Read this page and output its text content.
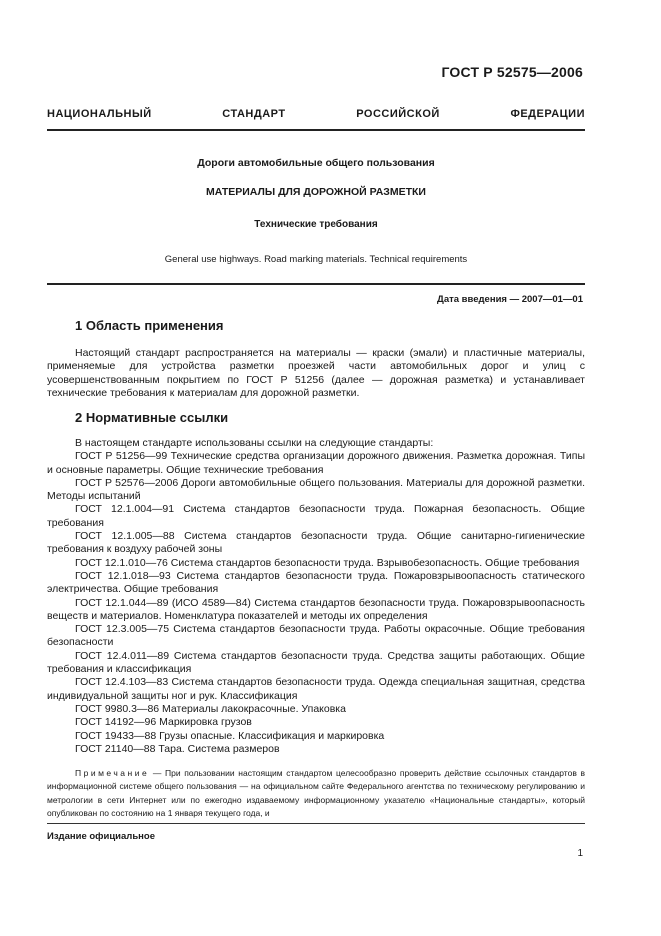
ГОСТ Р 52575—2006
НАЦИОНАЛЬНЫЙ	СТАНДАРТ	РОССИЙСКОЙ	ФЕДЕРАЦИИ
Дороги автомобильные общего пользования
МАТЕРИАЛЫ ДЛЯ ДОРОЖНОЙ РАЗМЕТКИ
Технические требования
General use highways. Road marking materials. Technical requirements
Дата введения — 2007—01—01
1 Область применения
Настоящий стандарт распространяется на материалы — краски (эмали) и пластичные материалы, применяемые для устройства разметки проезжей части автомобильных дорог и улиц с усовершенствованным покрытием по ГОСТ Р 51256 (далее — дорожная разметка) и устанавливает технические требования к материалам для дорожной разметки.
2 Нормативные ссылки
В настоящем стандарте использованы ссылки на следующие стандарты:
ГОСТ Р 51256—99 Технические средства организации дорожного движения. Разметка дорожная. Типы и основные параметры. Общие технические требования
ГОСТ Р 52576—2006 Дороги автомобильные общего пользования. Материалы для дорожной разметки. Методы испытаний
ГОСТ 12.1.004—91 Система стандартов безопасности труда. Пожарная безопасность. Общие требования
ГОСТ 12.1.005—88 Система стандартов безопасности труда. Общие санитарно-гигиенические требования к воздуху рабочей зоны
ГОСТ 12.1.010—76 Система стандартов безопасности труда. Взрывобезопасность. Общие требования
ГОСТ 12.1.018—93 Система стандартов безопасности труда. Пожаровзрывоопасность статического электричества. Общие требования
ГОСТ 12.1.044—89 (ИСО 4589—84) Система стандартов безопасности труда. Пожаровзрывоопасность веществ и материалов. Номенклатура показателей и методы их определения
ГОСТ 12.3.005—75 Система стандартов безопасности труда. Работы окрасочные. Общие требования безопасности
ГОСТ 12.4.011—89 Система стандартов безопасности труда. Средства защиты работающих. Общие требования и классификация
ГОСТ 12.4.103—83 Система стандартов безопасности труда. Одежда специальная защитная, средства индивидуальной защиты ног и рук. Классификация
ГОСТ 9980.3—86 Материалы лакокрасочные. Упаковка
ГОСТ 14192—96 Маркировка грузов
ГОСТ 19433—88 Грузы опасные. Классификация и маркировка
ГОСТ 21140—88 Тара. Система размеров
Примечание — При пользовании настоящим стандартом целесообразно проверить действие ссылочных стандартов в информационной системе общего пользования — на официальном сайте Федерального агентства по техническому регулированию и метрологии в сети Интернет или по ежегодно издаваемому информационному указателю «Национальные стандарты», который опубликован по состоянию на 1 января текущего года, и
Издание официальное
1
